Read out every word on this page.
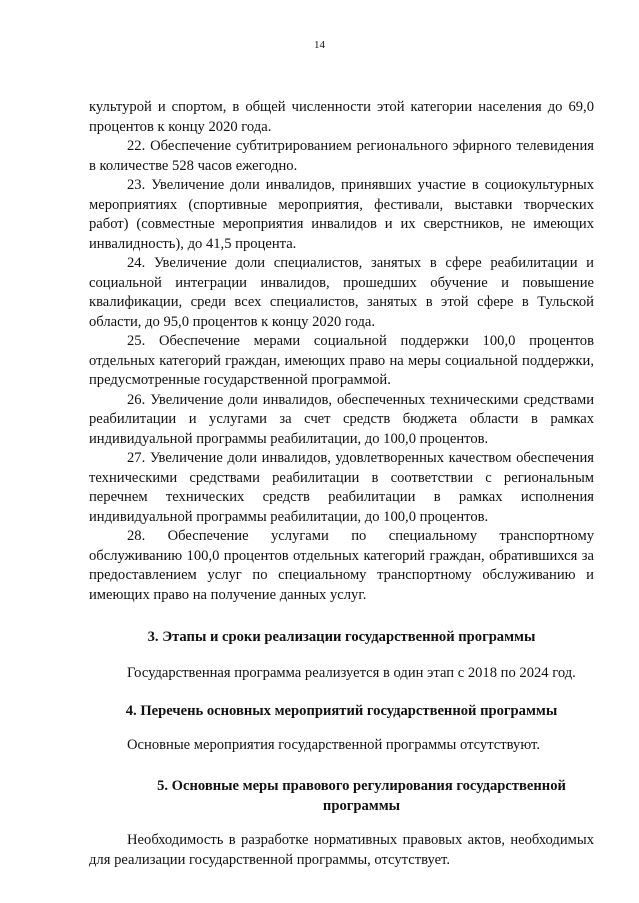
14

культурой и спортом, в общей численности этой категории населения до 69,0 процентов к концу 2020 года.

22. Обеспечение субтитрированием регионального эфирного телевидения в количестве 528 часов ежегодно.

23. Увеличение доли инвалидов, принявших участие в социокультурных мероприятиях (спортивные мероприятия, фестивали, выставки творческих работ) (совместные мероприятия инвалидов и их сверстников, не имеющих инвалидность), до 41,5 процента.

24. Увеличение доли специалистов, занятых в сфере реабилитации и социальной интеграции инвалидов, прошедших обучение и повышение квалификации, среди всех специалистов, занятых в этой сфере в Тульской области, до 95,0 процентов к концу 2020 года.

25. Обеспечение мерами социальной поддержки 100,0 процентов отдельных категорий граждан, имеющих право на меры социальной поддержки, предусмотренные государственной программой.

26. Увеличение доли инвалидов, обеспеченных техническими средствами реабилитации и услугами за счет средств бюджета области в рамках индивидуальной программы реабилитации, до 100,0 процентов.

27. Увеличение доли инвалидов, удовлетворенных качеством обеспечения техническими средствами реабилитации в соответствии с региональным перечнем технических средств реабилитации в рамках исполнения индивидуальной программы реабилитации, до 100,0 процентов.

28. Обеспечение услугами по специальному транспортному обслуживанию 100,0 процентов отдельных категорий граждан, обратившихся за предоставлением услуг по специальному транспортному обслуживанию и имеющих право на получение данных услуг.

3. Этапы и сроки реализации государственной программы

Государственная программа реализуется в один этап с 2018 по 2024 год.

4. Перечень основных мероприятий государственной программы

Основные мероприятия государственной программы отсутствуют.

5. Основные меры правового регулирования государственной программы

Необходимость в разработке нормативных правовых актов, необходимых для реализации государственной программы, отсутствует.
